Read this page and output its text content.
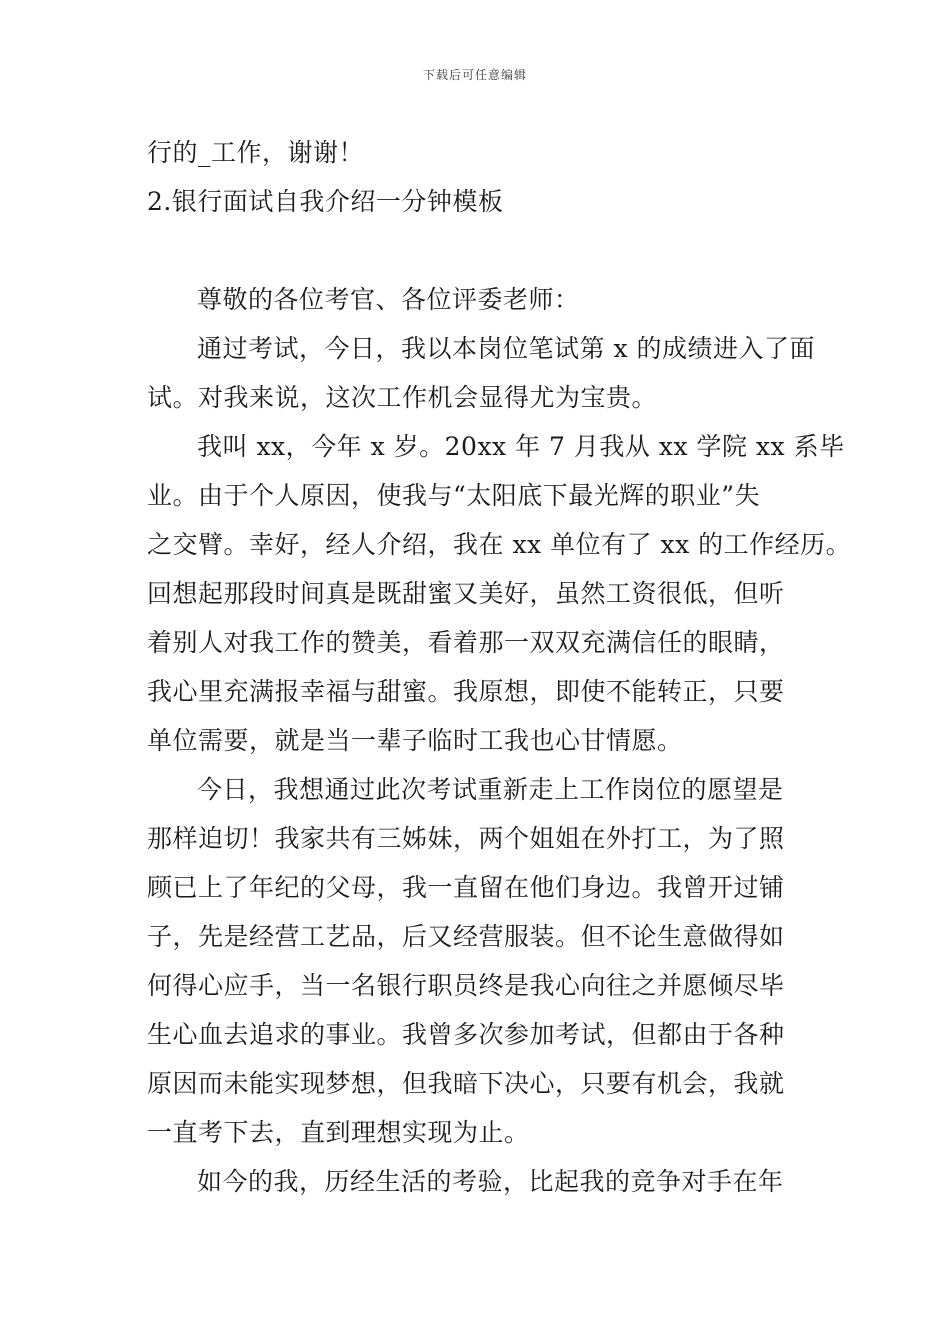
下载后可任意编辑
行的_工作，谢谢！
2.银行面试自我介绍一分钟模板
尊敬的各位考官、各位评委老师：
通过考试，今日，我以本岗位笔试第 x 的成绩进入了面
试。对我来说，这次工作机会显得尤为宝贵。
我叫 xx，今年 x 岁。20xx 年 7 月我从 xx 学院 xx 系毕
业。由于个人原因，使我与“太阳底下最光辉的职业”失
之交臂。幸好，经人介绍，我在 xx 单位有了 xx 的工作经历。
回想起那段时间真是既甜蜜又美好，虽然工资很低，但听
着别人对我工作的赞美，看着那一双双充满信任的眼睛，
我心里充满报幸福与甜蜜。我原想，即使不能转正，只要
单位需要，就是当一辈子临时工我也心甘情愿。
今日，我想通过此次考试重新走上工作岗位的愿望是
那样迫切！我家共有三姊妹，两个姐姐在外打工，为了照
顾已上了年纪的父母，我一直留在他们身边。我曾开过铺
子，先是经营工艺品，后又经营服装。但不论生意做得如
何得心应手，当一名银行职员终是我心向往之并愿倾尽毕
生心血去追求的事业。我曾多次参加考试，但都由于各种
原因而未能实现梦想，但我暗下决心，只要有机会，我就
一直考下去，直到理想实现为止。
如今的我，历经生活的考验，比起我的竞争对手在年
